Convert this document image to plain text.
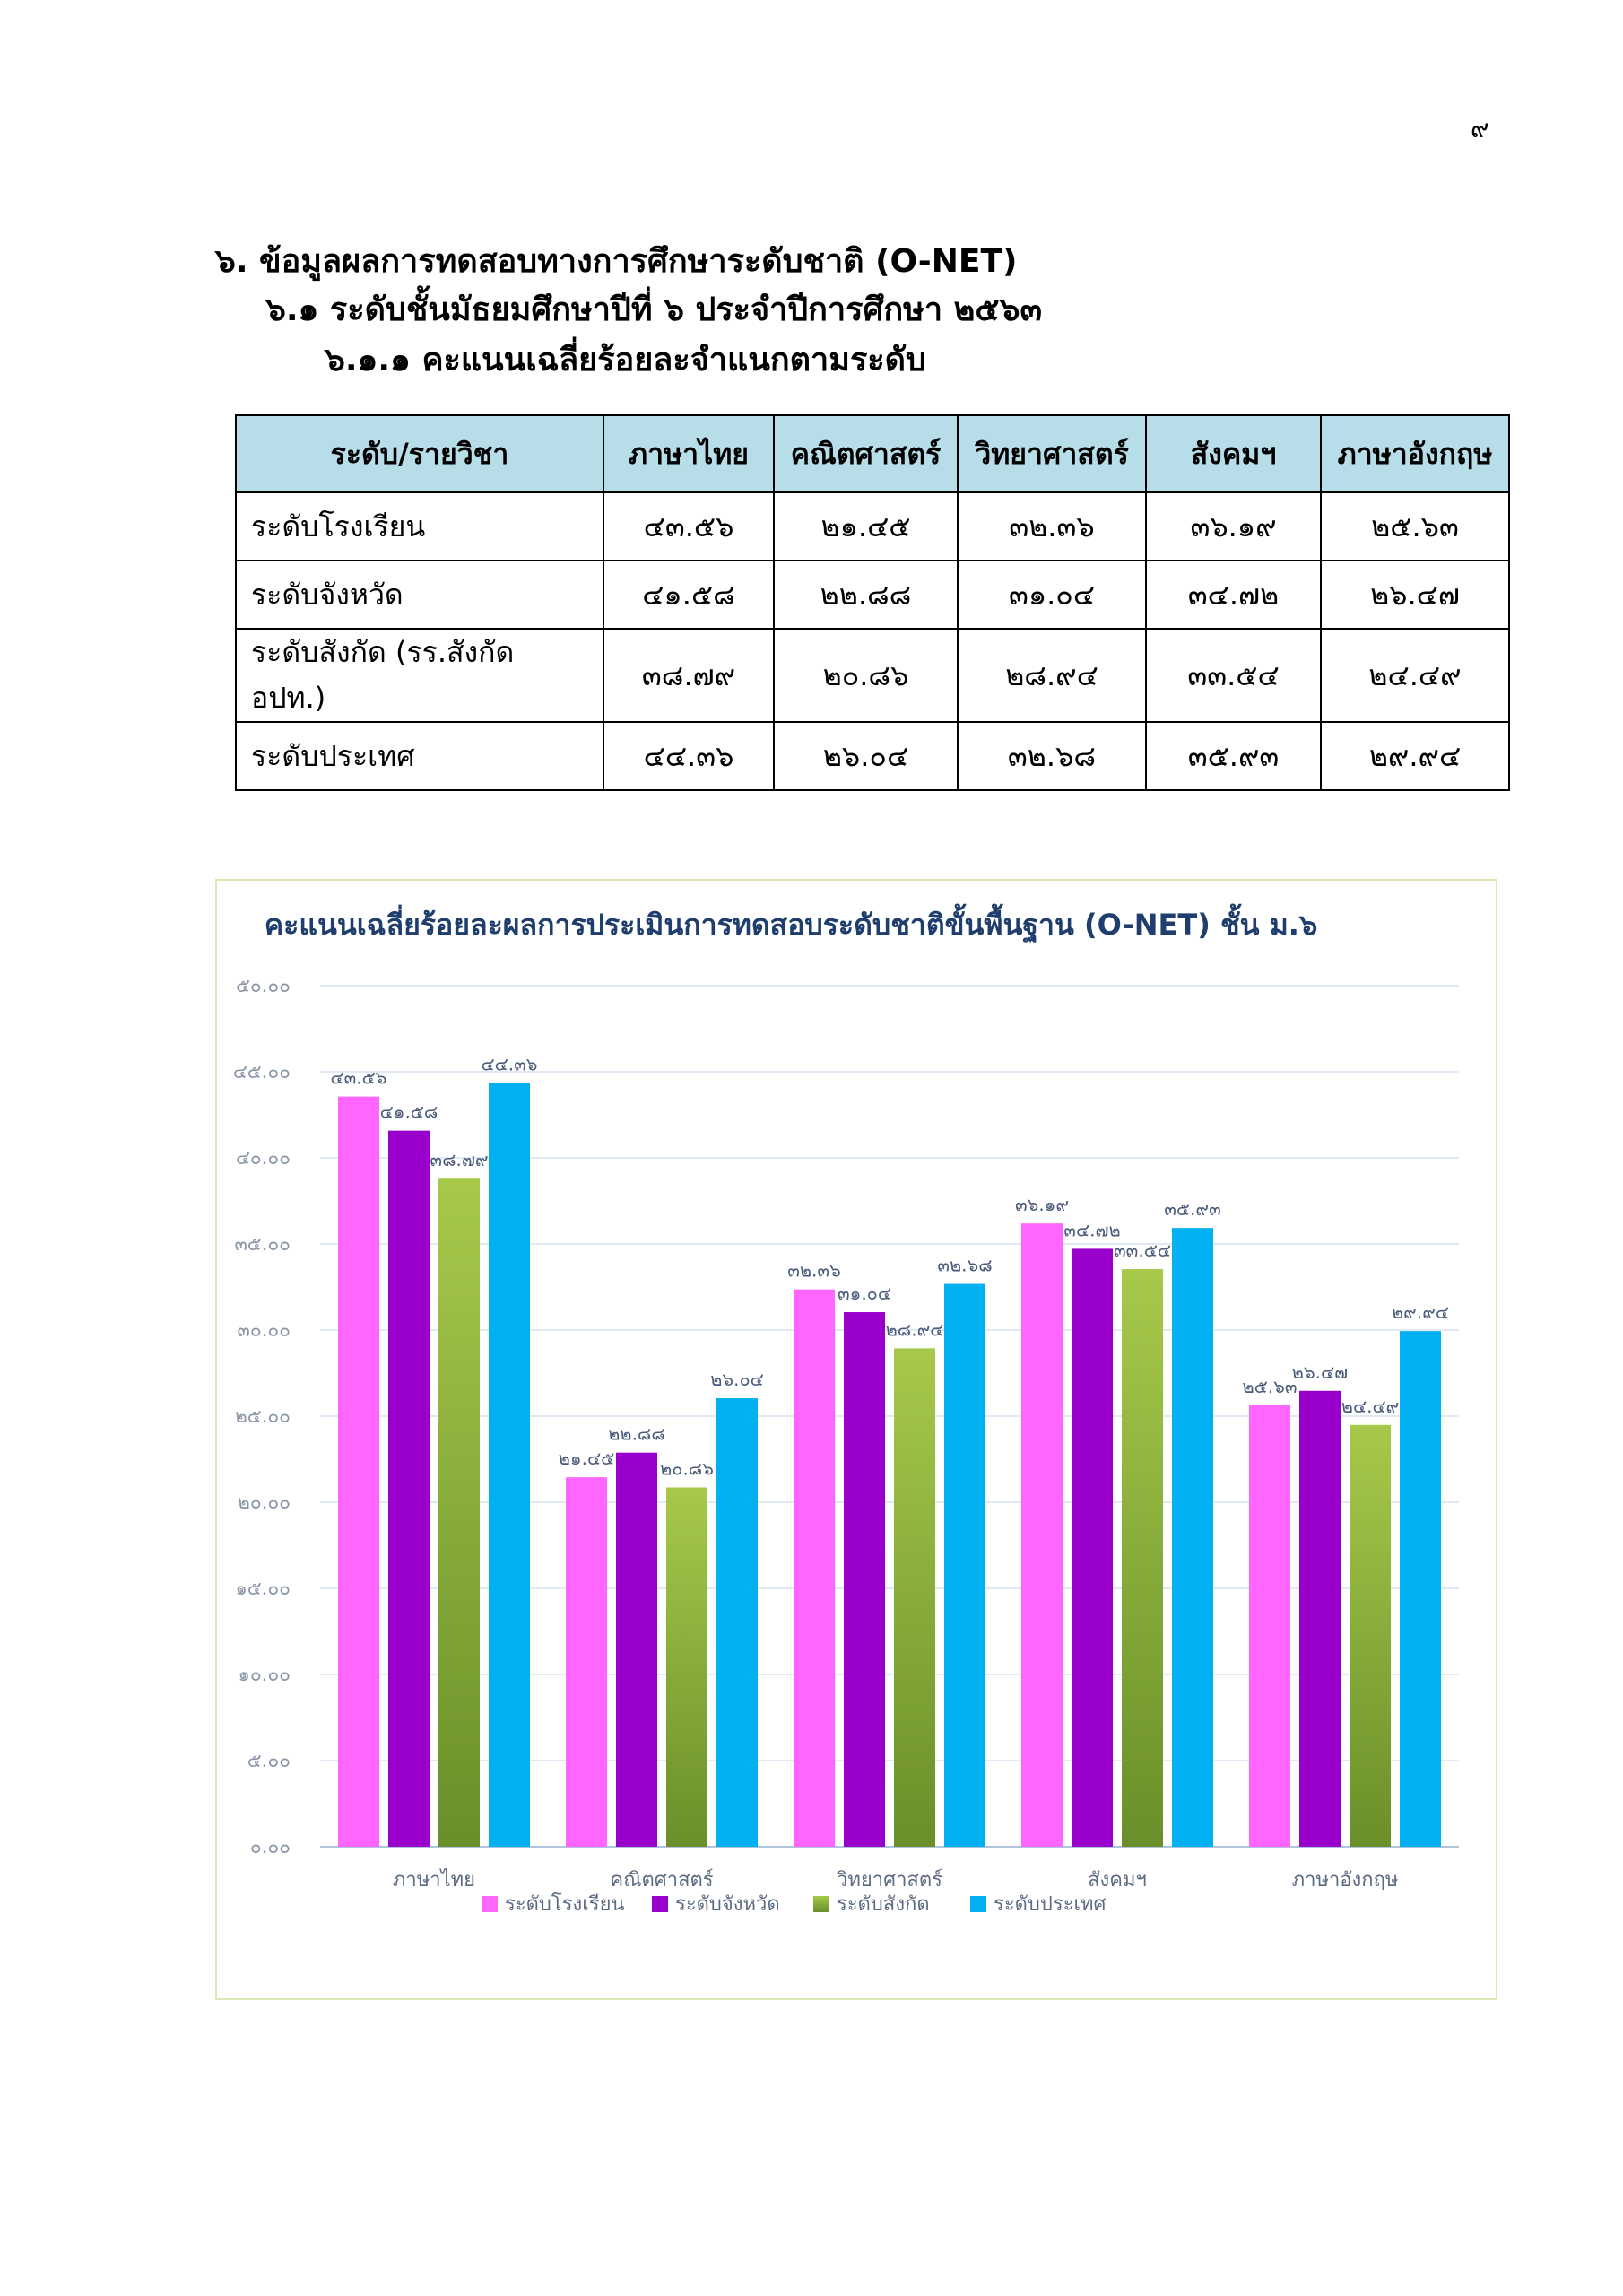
๙
๖. ข้อมูลผลการทดสอบทางการศึกษาระดับชาติ (O-NET)
๖.๑ ระดับชั้นมัธยมศึกษาปีที่ ๖ ประจำปีการศึกษา ๒๕๖๓
๖.๑.๑ คะแนนเฉลี่ยร้อยละจำแนกตามระดับ
ระดับ/รายวิชา	ภาษาไทย	คณิตศาสตร์	วิทยาศาสตร์	สังคมฯ	ภาษาอังกฤษ
ระดับโรงเรียน	๔๓.๕๖	๒๑.๔๕	๓๒.๓๖	๓๖.๑๙	๒๕.๖๓
ระดับจังหวัด	๔๑.๕๘	๒๒.๘๘	๓๑.๐๔	๓๔.๗๒	๒๖.๔๗
ระดับสังกัด (รร.สังกัด อปท.)	๓๘.๗๙	๒๐.๘๖	๒๘.๙๔	๓๓.๕๔	๒๔.๔๙
ระดับประเทศ	๔๔.๓๖	๒๖.๐๔	๓๒.๖๘	๓๕.๙๓	๒๙.๙๔
คะแนนเฉลี่ยร้อยละผลการประเมินการทดสอบระดับชาติขั้นพื้นฐาน (O-NET) ชั้น ม.๖
๐.๐๐
๕.๐๐
๑๐.๐๐
๑๕.๐๐
๒๐.๐๐
๒๕.๐๐
๓๐.๐๐
๓๕.๐๐
๔๐.๐๐
๔๕.๐๐
๕๐.๐๐
๔๓.๕๖
๔๑.๕๘
๓๘.๗๙
๔๔.๓๖
ภาษาไทย
๒๑.๔๕
๒๒.๘๘
๒๐.๘๖
๒๖.๐๔
คณิตศาสตร์
๓๒.๓๖
๓๑.๐๔
๒๘.๙๔
๓๒.๖๘
วิทยาศาสตร์
๓๖.๑๙
๓๔.๗๒
๓๓.๕๔
๓๕.๙๓
สังคมฯ
๒๕.๖๓
๒๖.๔๗
๒๔.๔๙
๒๙.๙๔
ภาษาอังกฤษ
ระดับโรงเรียน	ระดับจังหวัด	ระดับสังกัด	ระดับประเทศ
